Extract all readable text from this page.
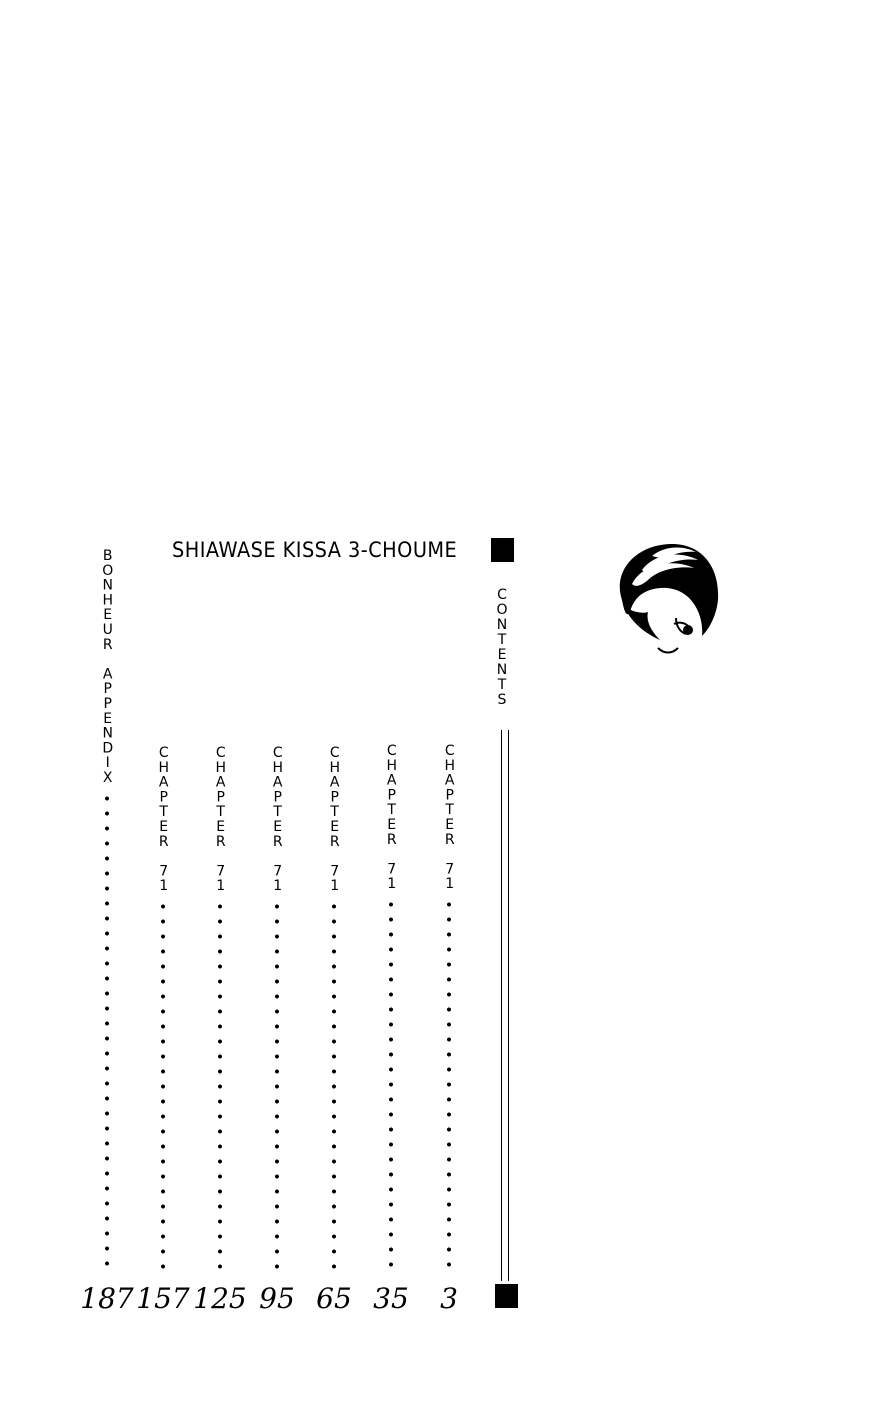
SHIAWASE KISSA 3-CHOUME
CONTENTS
BONHEUR APPENDIX
187
CHAPTER 71
157
CHAPTER 71
125
CHAPTER 71
95
CHAPTER 71
65
CHAPTER 71
35
CHAPTER 71
3
